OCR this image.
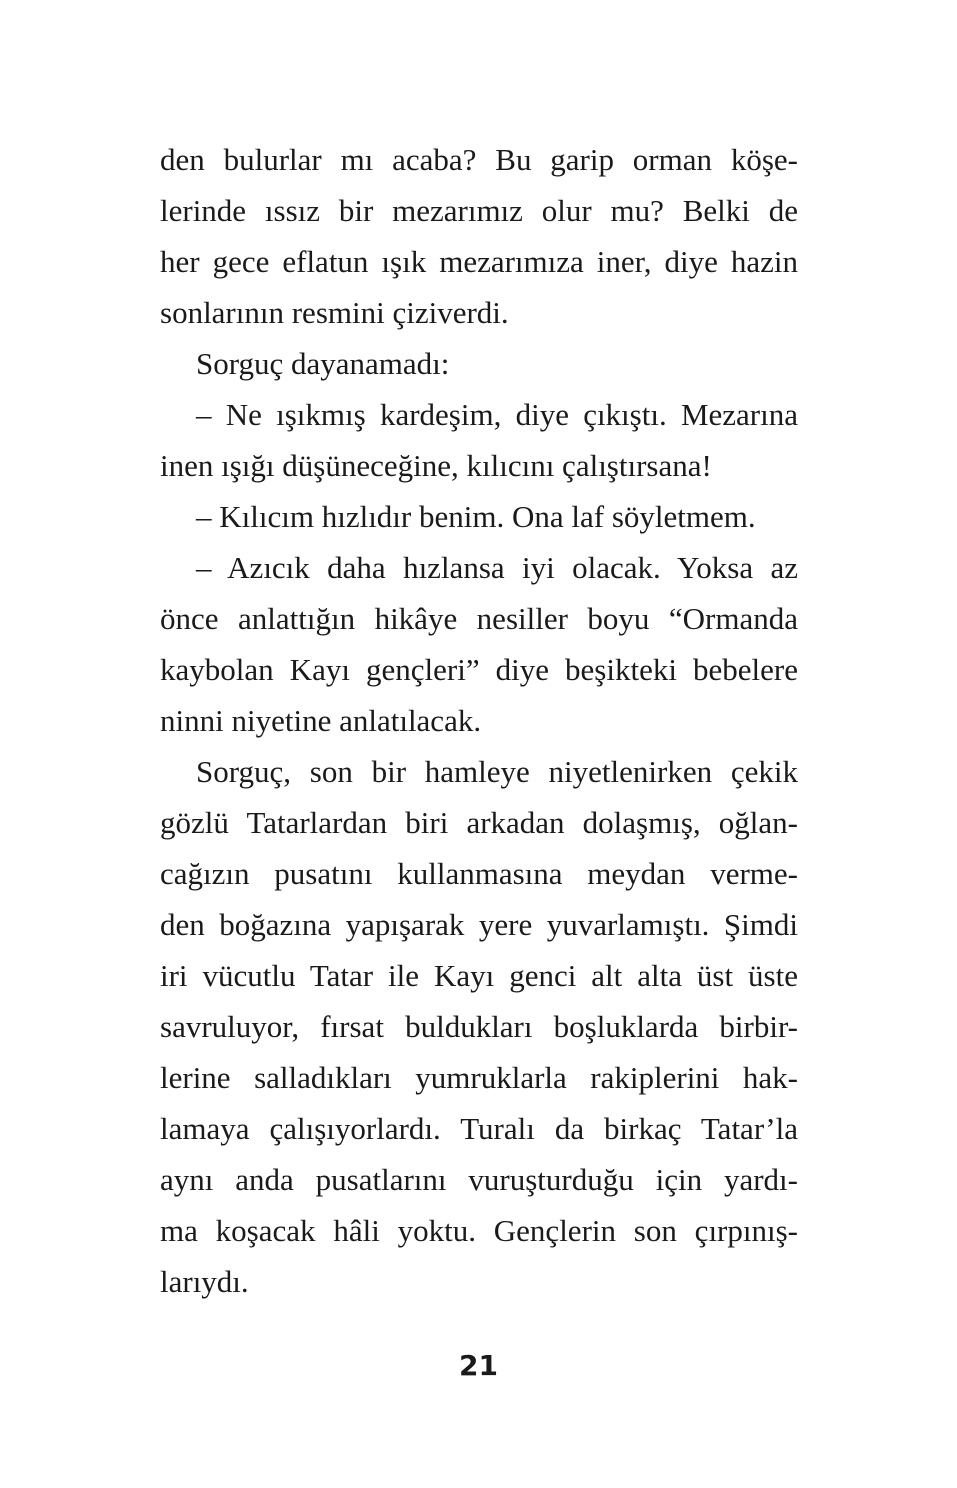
den bulurlar mı acaba? Bu garip orman köşe-
lerinde ıssız bir mezarımız olur mu? Belki de
her gece eflatun ışık mezarımıza iner, diye hazin
sonlarının resmini çiziverdi.
Sorguç dayanamadı:
– Ne ışıkmış kardeşim, diye çıkıştı. Mezarına
inen ışığı düşüneceğine, kılıcını çalıştırsana!
– Kılıcım hızlıdır benim. Ona laf söyletmem.
– Azıcık daha hızlansa iyi olacak. Yoksa az
önce anlattığın hikâye nesiller boyu “Ormanda
kaybolan Kayı gençleri” diye beşikteki bebelere
ninni niyetine anlatılacak.
Sorguç, son bir hamleye niyetlenirken çekik
gözlü Tatarlardan biri arkadan dolaşmış, oğlan-
cağızın pusatını kullanmasına meydan verme-
den boğazına yapışarak yere yuvarlamıştı. Şimdi
iri vücutlu Tatar ile Kayı genci alt alta üst üste
savruluyor, fırsat buldukları boşluklarda birbir-
lerine salladıkları yumruklarla rakiplerini hak-
lamaya çalışıyorlardı. Turalı da birkaç Tatar’la
aynı anda pusatlarını vuruşturduğu için yardı-
ma koşacak hâli yoktu. Gençlerin son çırpınış-
larıydı.
21
